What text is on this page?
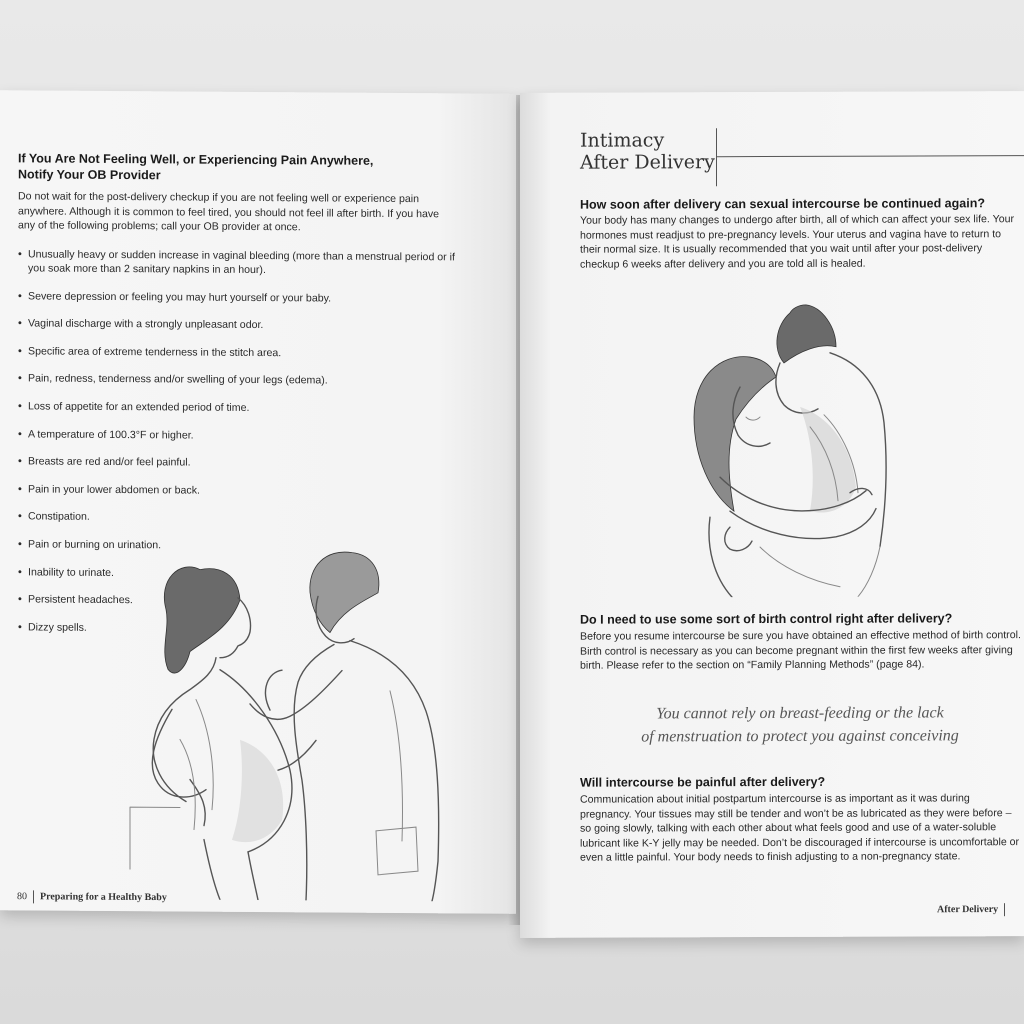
If You Are Not Feeling Well, or Experiencing Pain Anywhere,
Notify Your OB Provider
Do not wait for the post-delivery checkup if you are not feeling well or experience pain anywhere. Although it is common to feel tired, you should not feel ill after birth. If you have any of the following problems; call your OB provider at once.
• Unusually heavy or sudden increase in vaginal bleeding (more than a menstrual period or if you soak more than 2 sanitary napkins in an hour).
• Severe depression or feeling you may hurt yourself or your baby.
• Vaginal discharge with a strongly unpleasant odor.
• Specific area of extreme tenderness in the stitch area.
• Pain, redness, tenderness and/or swelling of your legs (edema).
• Loss of appetite for an extended period of time.
• A temperature of 100.3°F or higher.
• Breasts are red and/or feel painful.
• Pain in your lower abdomen or back.
• Constipation.
• Pain or burning on urination.
• Inability to urinate.
• Persistent headaches.
• Dizzy spells.
80 Preparing for a Healthy Baby
Intimacy
After Delivery
How soon after delivery can sexual intercourse be continued again?
Your body has many changes to undergo after birth, all of which can affect your sex life. Your hormones must readjust to pre-pregnancy levels. Your uterus and vagina have to return to their normal size. It is usually recommended that you wait until after your post-delivery checkup 6 weeks after delivery and you are told all is healed.
Do I need to use some sort of birth control right after delivery?
Before you resume intercourse be sure you have obtained an effective method of birth control. Birth control is necessary as you can become pregnant within the first few weeks after giving birth. Please refer to the section on “Family Planning Methods” (page 84).
You cannot rely on breast-feeding or the lack
of menstruation to protect you against conceiving
Will intercourse be painful after delivery?
Communication about initial postpartum intercourse is as important as it was during pregnancy. Your tissues may still be tender and won’t be as lubricated as they were before – so going slowly, talking with each other about what feels good and use of a water-soluble lubricant like K-Y jelly may be needed. Don’t be discouraged if intercourse is uncomfortable or even a little painful. Your body needs to finish adjusting to a non-pregnancy state.
After Delivery
